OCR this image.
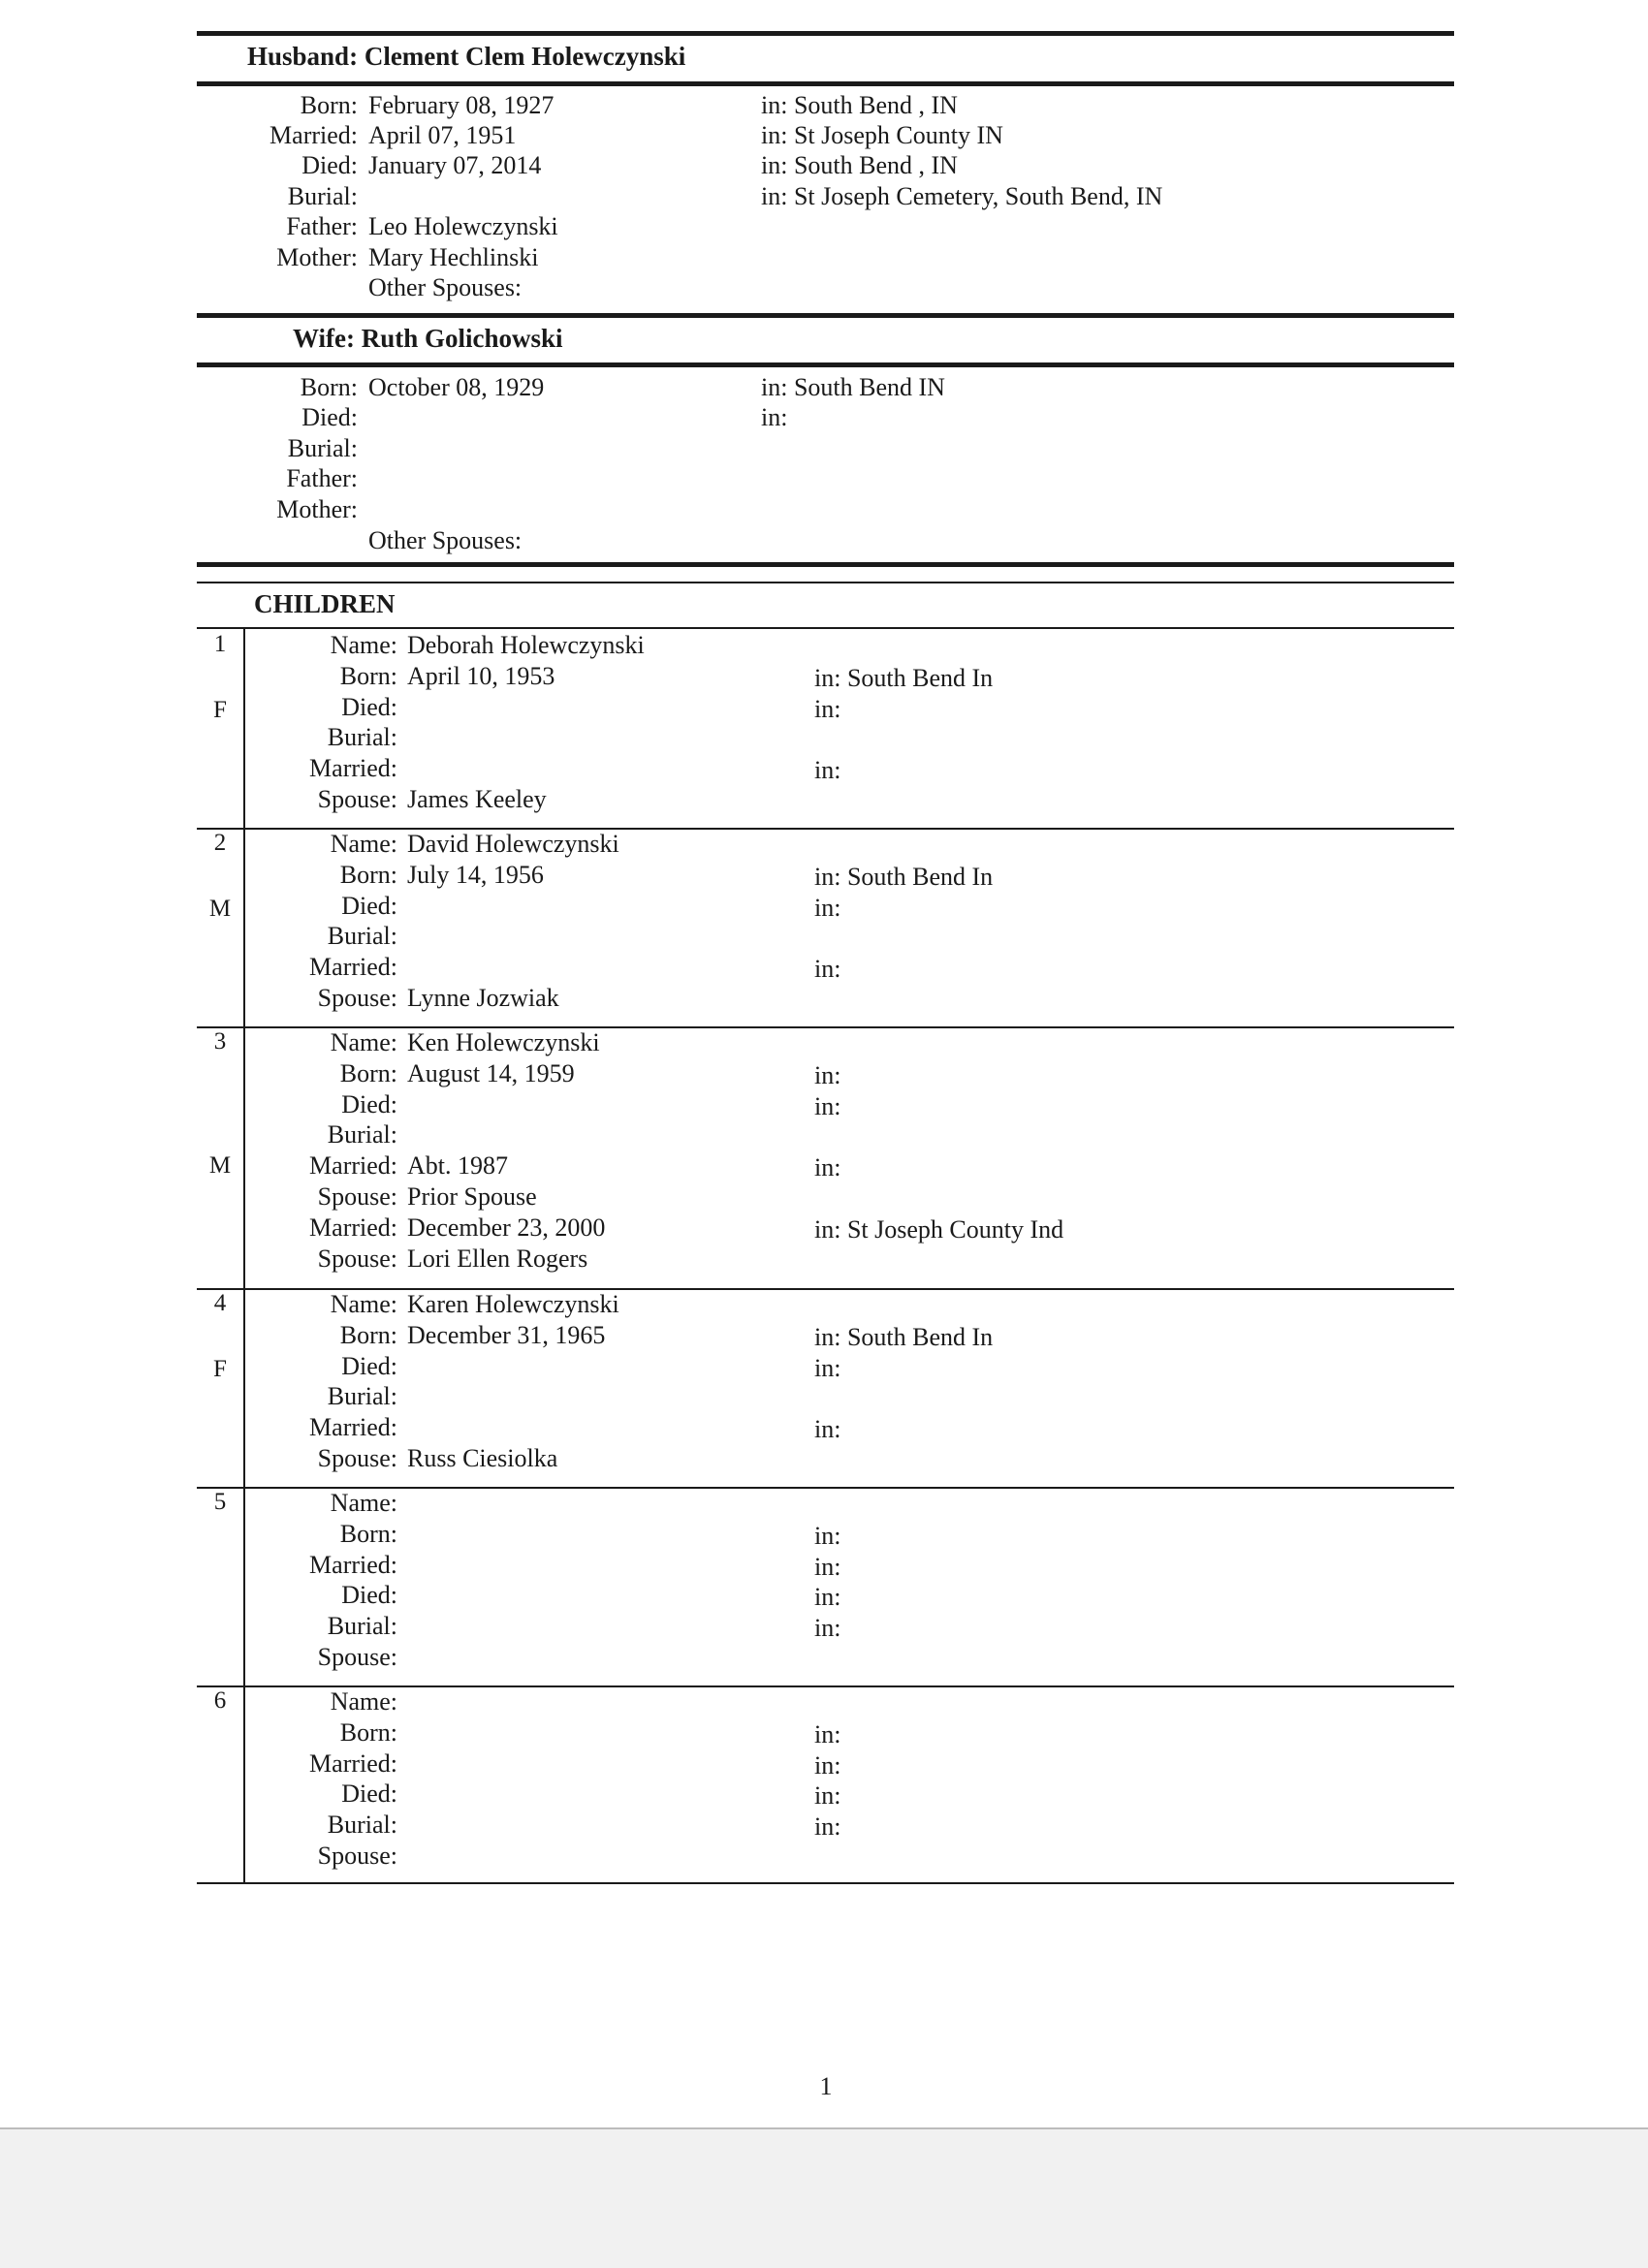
Husband: Clement Clem Holewczynski
Born: February 08, 1927	in: South Bend , IN
Married: April 07, 1951	in: St Joseph County IN
Died: January 07, 2014	in: South Bend , IN
Burial:	in: St Joseph Cemetery, South Bend, IN
Father: Leo Holewczynski
Mother: Mary Hechlinski
Other Spouses:
Wife: Ruth Golichowski
Born: October 08, 1929	in: South Bend IN
Died:	in:
Burial:
Father:
Mother:
Other Spouses:
CHILDREN
1
F
Name: Deborah Holewczynski
Born: April 10, 1953	in: South Bend In
Died:	in:
Burial:
Married:	in:
Spouse: James Keeley
2
M
Name: David Holewczynski
Born: July 14, 1956	in: South Bend In
Died:	in:
Burial:
Married:	in:
Spouse: Lynne Jozwiak
3
M
Name: Ken Holewczynski
Born: August 14, 1959	in:
Died:	in:
Burial:
Married: Abt. 1987	in:
Spouse: Prior Spouse
Married: December 23, 2000	in: St Joseph County Ind
Spouse: Lori Ellen Rogers
4
F
Name: Karen Holewczynski
Born: December 31, 1965	in: South Bend In
Died:	in:
Burial:
Married:	in:
Spouse: Russ Ciesiolka
5	Name:
Born:	in:
Married:	in:
Died:	in:
Burial:	in:
Spouse:
6	Name:
Born:	in:
Married:	in:
Died:	in:
Burial:	in:
Spouse:
1
